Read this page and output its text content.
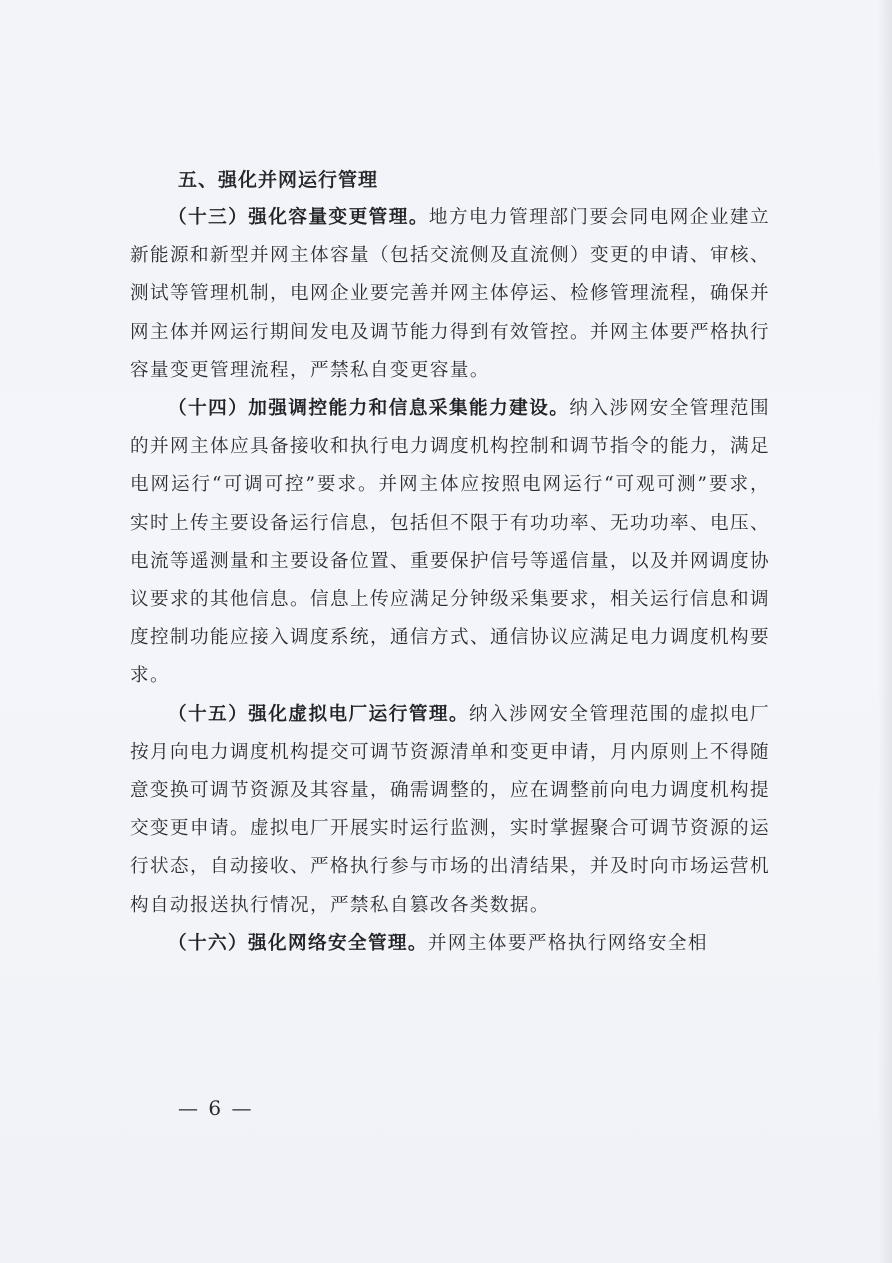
五、强化并网运行管理

（十三）强化容量变更管理。地方电力管理部门要会同电网企业建立新能源和新型并网主体容量（包括交流侧及直流侧）变更的申请、审核、测试等管理机制，电网企业要完善并网主体停运、检修管理流程，确保并网主体并网运行期间发电及调节能力得到有效管控。并网主体要严格执行容量变更管理流程，严禁私自变更容量。

（十四）加强调控能力和信息采集能力建设。纳入涉网安全管理范围的并网主体应具备接收和执行电力调度机构控制和调节指令的能力，满足电网运行“可调可控”要求。并网主体应按照电网运行“可观可测”要求，实时上传主要设备运行信息，包括但不限于有功功率、无功功率、电压、电流等遥测量和主要设备位置、重要保护信号等遥信量，以及并网调度协议要求的其他信息。信息上传应满足分钟级采集要求，相关运行信息和调度控制功能应接入调度系统，通信方式、通信协议应满足电力调度机构要求。

（十五）强化虚拟电厂运行管理。纳入涉网安全管理范围的虚拟电厂按月向电力调度机构提交可调节资源清单和变更申请，月内原则上不得随意变换可调节资源及其容量，确需调整的，应在调整前向电力调度机构提交变更申请。虚拟电厂开展实时运行监测，实时掌握聚合可调节资源的运行状态，自动接收、严格执行参与市场的出清结果，并及时向市场运营机构自动报送执行情况，严禁私自篡改各类数据。

（十六）强化网络安全管理。并网主体要严格执行网络安全相

— 6 —
